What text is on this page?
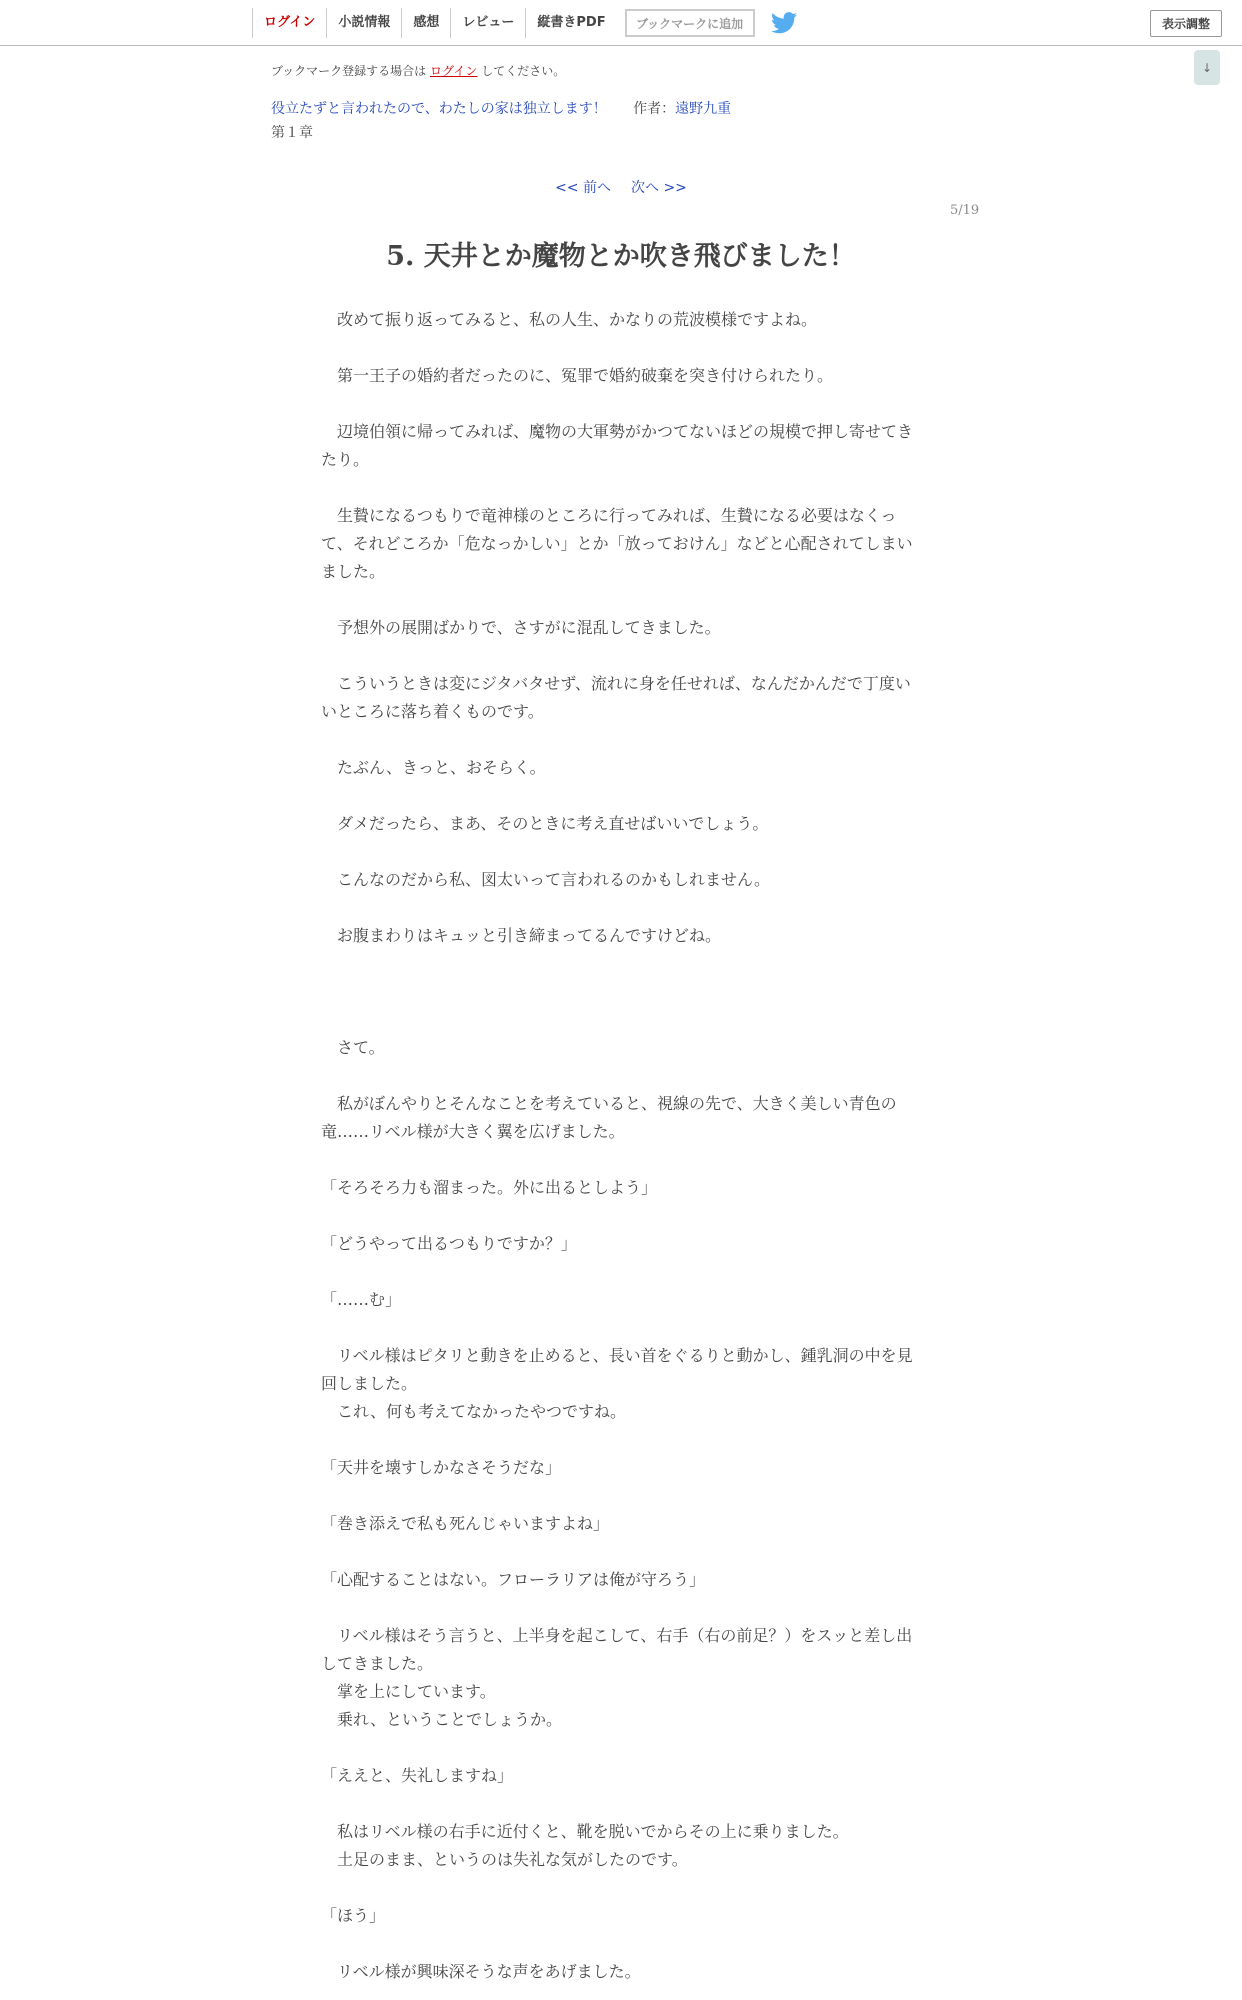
ログイン	小説情報	感想	レビュー	縦書きPDF	ブックマークに追加	表示調整
↓
ブックマーク登録する場合は ログイン してください。
役立たずと言われたので、わたしの家は独立します！ 作者：遠野九重
第１章
<< 前へ 次へ >>
5/19
5. 天井とか魔物とか吹き飛びました！

　改めて振り返ってみると、私の人生、かなりの荒波模様ですよね。

　第一王子の婚約者だったのに、冤罪で婚約破棄を突き付けられたり。

　辺境伯領に帰ってみれば、魔物の大軍勢がかつてないほどの規模で押し寄せてきたり。

　生贄になるつもりで竜神様のところに行ってみれば、生贄になる必要はなくって、それどころか「危なっかしい」とか「放っておけん」などと心配されてしまいました。

　予想外の展開ばかりで、さすがに混乱してきました。

　こういうときは変にジタバタせず、流れに身を任せれば、なんだかんだで丁度いいところに落ち着くものです。

　たぶん、きっと、おそらく。

　ダメだったら、まあ、そのときに考え直せばいいでしょう。

　こんなのだから私、図太いって言われるのかもしれません。

　お腹まわりはキュッと引き締まってるんですけどね。

　さて。

　私がぼんやりとそんなことを考えていると、視線の先で、大きく美しい青色の竜……リベル様が大きく翼を広げました。

「そろそろ力も溜まった。外に出るとしよう」

「どうやって出るつもりですか？」

「……む」

　リベル様はピタリと動きを止めると、長い首をぐるりと動かし、鍾乳洞の中を見回しました。

　これ、何も考えてなかったやつですね。

「天井を壊すしかなさそうだな」

「巻き添えで私も死んじゃいますよね」

「心配することはない。フローラリアは俺が守ろう」

　リベル様はそう言うと、上半身を起こして、右手（右の前足？）をスッと差し出してきました。

　掌を上にしています。

　乗れ、ということでしょうか。

「ええと、失礼しますね」

　私はリベル様の右手に近付くと、靴を脱いでからその上に乗りました。

　土足のまま、というのは失礼な気がしたのです。

「ほう」

　リベル様が興味深そうな声をあげました。
